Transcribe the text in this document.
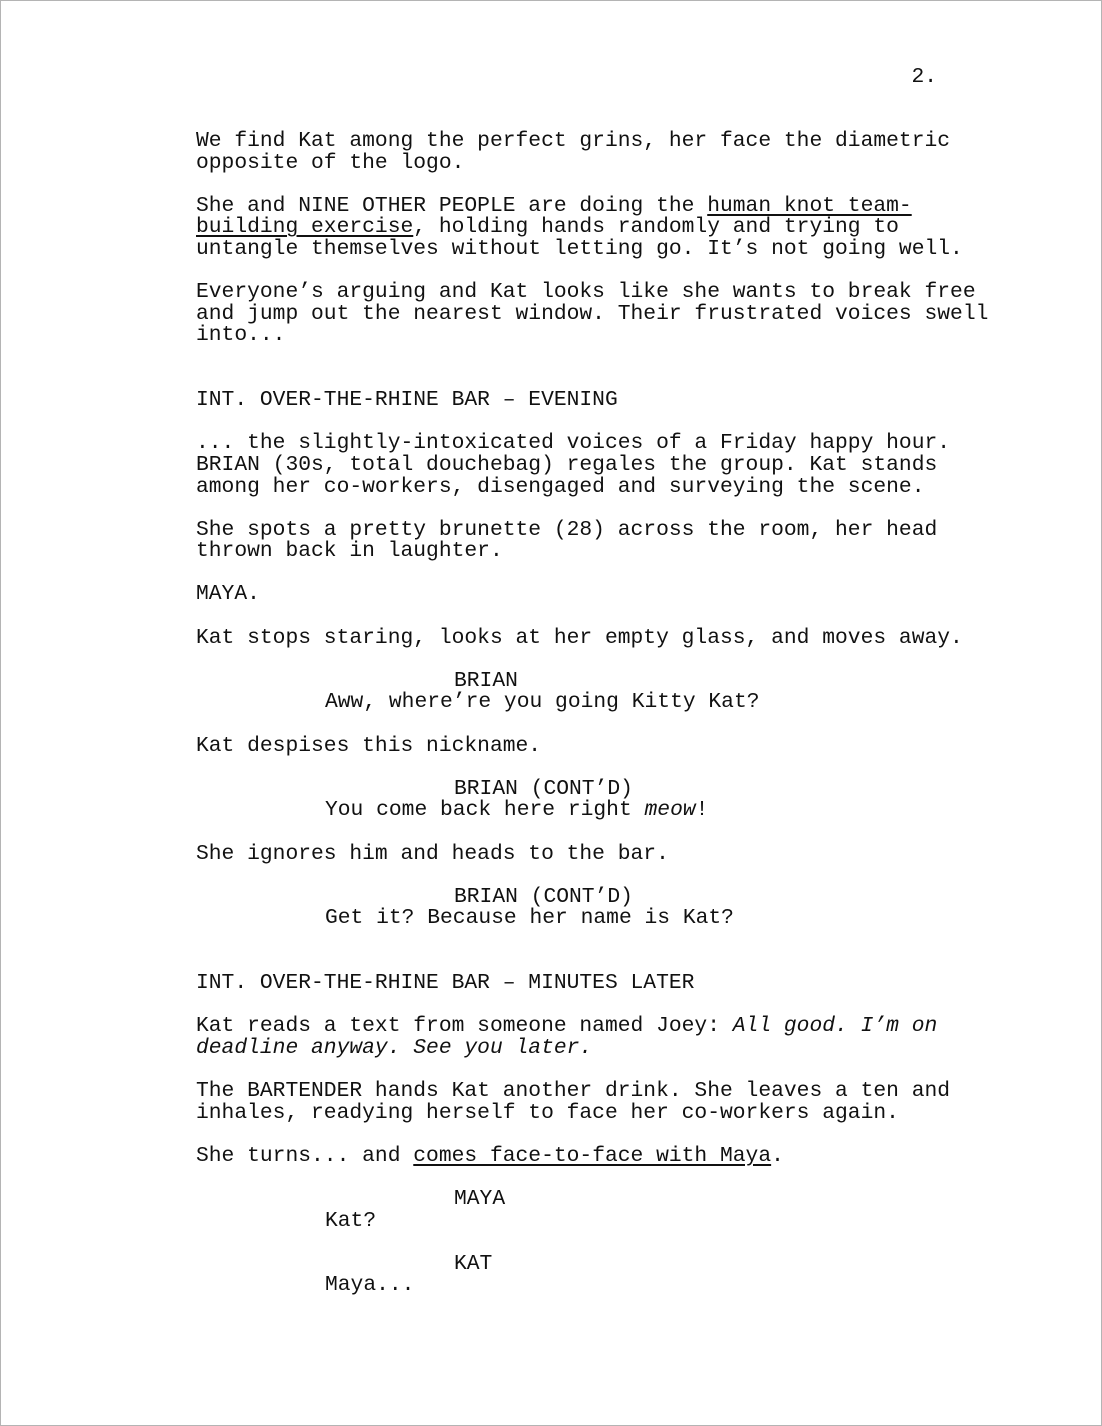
2.

We find Kat among the perfect grins, her face the diametric opposite of the logo.

She and NINE OTHER PEOPLE are doing the human knot team-building exercise, holding hands randomly and trying to untangle themselves without letting go. It’s not going well.

Everyone’s arguing and Kat looks like she wants to break free and jump out the nearest window. Their frustrated voices swell into...

INT. OVER-THE-RHINE BAR – EVENING

... the slightly-intoxicated voices of a Friday happy hour. BRIAN (30s, total douchebag) regales the group. Kat stands among her co-workers, disengaged and surveying the scene.

She spots a pretty brunette (28) across the room, her head thrown back in laughter.

MAYA.

Kat stops staring, looks at her empty glass, and moves away.

BRIAN

Aww, where’re you going Kitty Kat?

Kat despises this nickname.

BRIAN (CONT’D)

You come back here right meow!

She ignores him and heads to the bar.

BRIAN (CONT’D)

Get it? Because her name is Kat?

INT. OVER-THE-RHINE BAR – MINUTES LATER

Kat reads a text from someone named Joey: All good. I’m on deadline anyway. See you later.

The BARTENDER hands Kat another drink. She leaves a ten and inhales, readying herself to face her co-workers again.

She turns... and comes face-to-face with Maya.

MAYA

Kat?

KAT

Maya...
